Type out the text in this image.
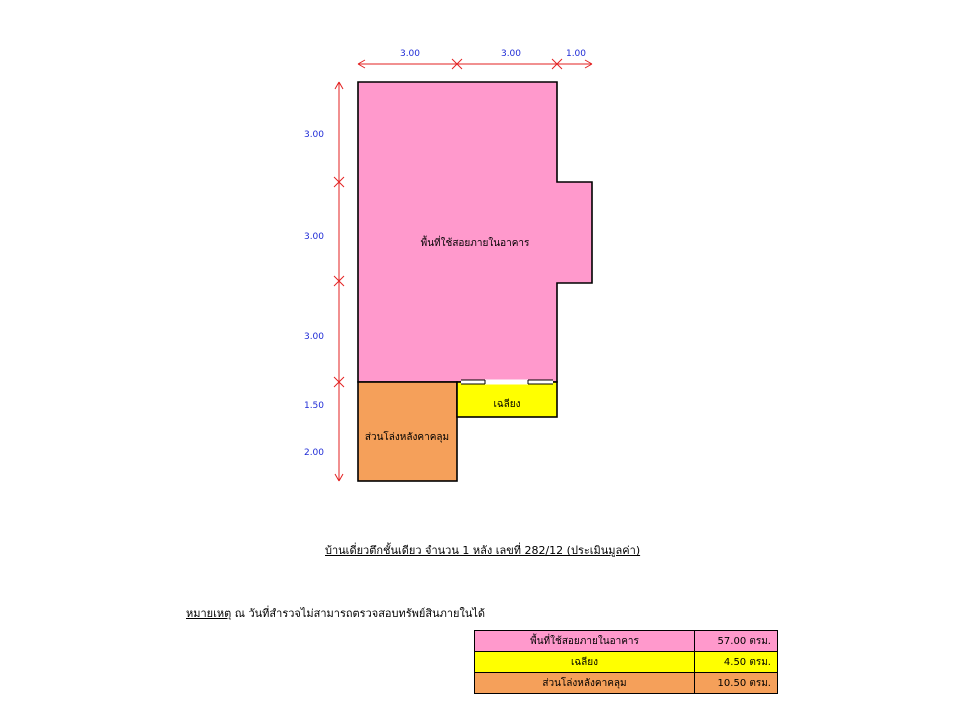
3.00	3.00	1.00
3.00
3.00
3.00
1.50
2.00
พื้นที่ใช้สอยภายในอาคาร
เฉลียง
ส่วนโล่งหลังคาคลุม
บ้านเดี่ยวตึกชั้นเดียว จำนวน 1 หลัง เลขที่ 282/12 (ประเมินมูลค่า)
หมายเหตุ ณ วันที่สำรวจไม่สามารถตรวจสอบทรัพย์สินภายในได้
พื้นที่ใช้สอยภายในอาคาร	57.00 ตรม.
เฉลียง	4.50 ตรม.
ส่วนโล่งหลังคาคลุม	10.50 ตรม.
